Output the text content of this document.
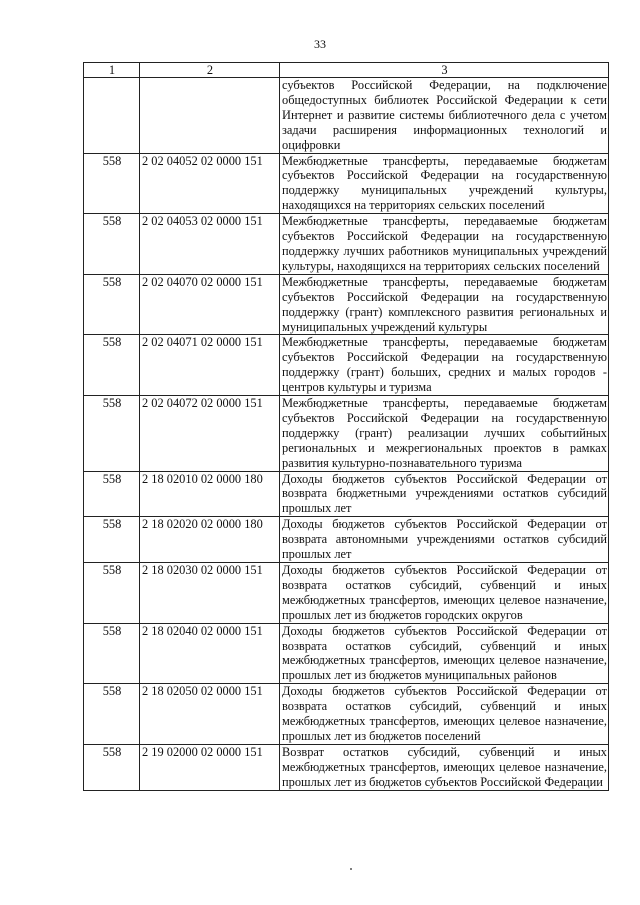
33
1	2	3
		субъектов Российской Федерации, на подключение общедоступных библиотек Российской Федерации к сети Интернет и развитие системы библиотечного дела с учетом задачи расширения информационных технологий и оцифровки
558	2 02 04052 02 0000 151	Межбюджетные трансферты, передаваемые бюджетам субъектов Российской Федерации на государственную поддержку муниципальных учреждений культуры, находящихся на территориях сельских поселений
558	2 02 04053 02 0000 151	Межбюджетные трансферты, передаваемые бюджетам субъектов Российской Федерации на государственную поддержку лучших работников муниципальных учреждений культуры, находящихся на территориях сельских поселений
558	2 02 04070 02 0000 151	Межбюджетные трансферты, передаваемые бюджетам субъектов Российской Федерации на государственную поддержку (грант) комплексного развития региональных и муниципальных учреждений культуры
558	2 02 04071 02 0000 151	Межбюджетные трансферты, передаваемые бюджетам субъектов Российской Федерации на государственную поддержку (грант) больших, средних и малых городов - центров культуры и туризма
558	2 02 04072 02 0000 151	Межбюджетные трансферты, передаваемые бюджетам субъектов Российской Федерации на государственную поддержку (грант) реализации лучших событийных региональных и межрегиональных проектов в рамках развития культурно-познавательного туризма
558	2 18 02010 02 0000 180	Доходы бюджетов субъектов Российской Федерации от возврата бюджетными учреждениями остатков субсидий прошлых лет
558	2 18 02020 02 0000 180	Доходы бюджетов субъектов Российской Федерации от возврата автономными учреждениями остатков субсидий прошлых лет
558	2 18 02030 02 0000 151	Доходы бюджетов субъектов Российской Федерации от возврата остатков субсидий, субвенций и иных межбюджетных трансфертов, имеющих целевое назначение, прошлых лет из бюджетов городских округов
558	2 18 02040 02 0000 151	Доходы бюджетов субъектов Российской Федерации от возврата остатков субсидий, субвенций и иных межбюджетных трансфертов, имеющих целевое назначение, прошлых лет из бюджетов муниципальных районов
558	2 18 02050 02 0000 151	Доходы бюджетов субъектов Российской Федерации от возврата остатков субсидий, субвенций и иных межбюджетных трансфертов, имеющих целевое назначение, прошлых лет из бюджетов поселений
558	2 19 02000 02 0000 151	Возврат остатков субсидий, субвенций и иных межбюджетных трансфертов, имеющих целевое назначение, прошлых лет из бюджетов субъектов Российской Федерации
